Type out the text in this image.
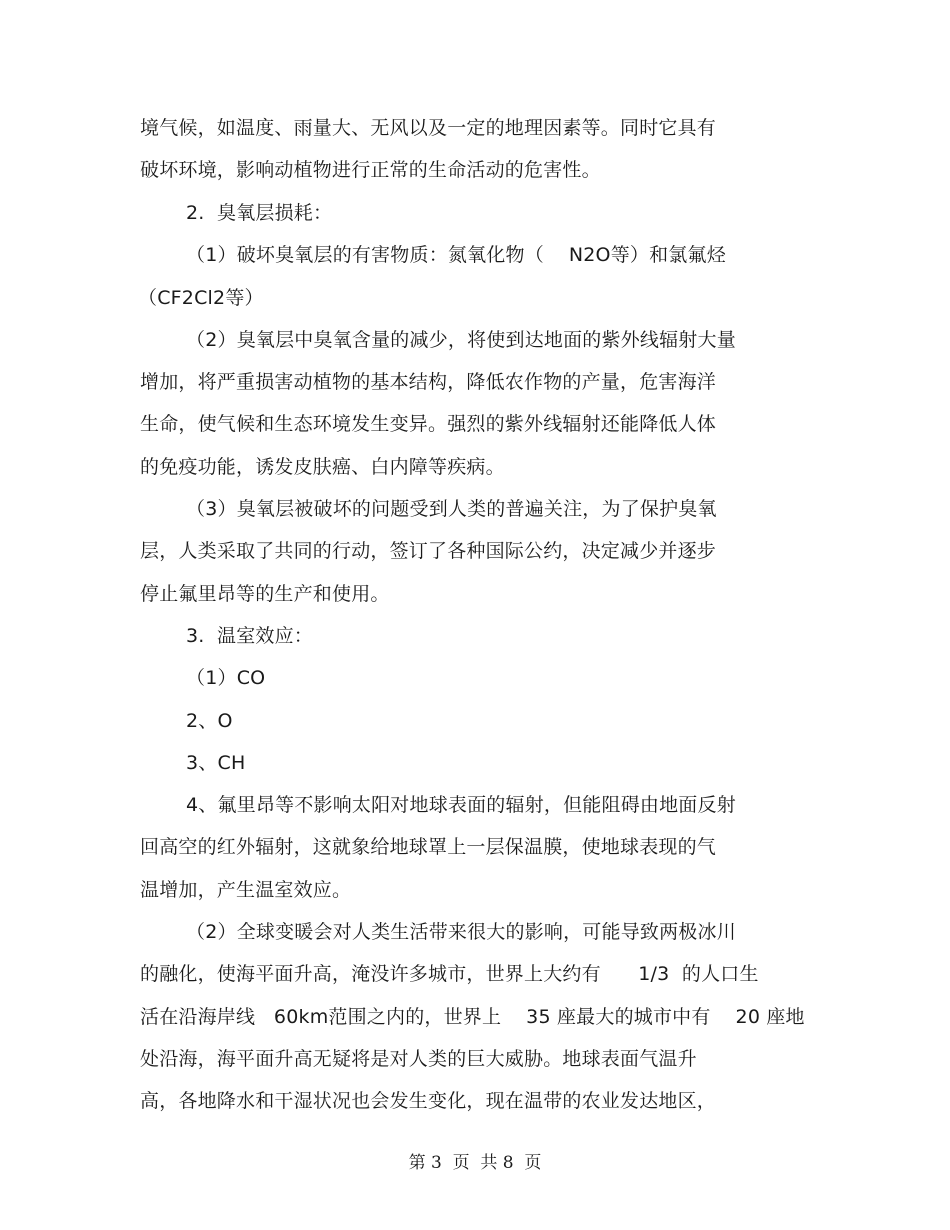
境气候，如温度、雨量大、无风以及一定的地理因素等。同时它具有
破坏环境，影响动植物进行正常的生命活动的危害性。
2.  臭氧层损耗：
（1）破坏臭氧层的有害物质：氮氧化物（    N2O等）和氯氟烃
（CF2Cl2等）
（2）臭氧层中臭氧含量的减少，将使到达地面的紫外线辐射大量
增加，将严重损害动植物的基本结构，降低农作物的产量，危害海洋
生命，使气候和生态环境发生变异。强烈的紫外线辐射还能降低人体
的免疫功能，诱发皮肤癌、白内障等疾病。
（3）臭氧层被破坏的问题受到人类的普遍关注，为了保护臭氧
层，人类采取了共同的行动，签订了各种国际公约，决定减少并逐步
停止氟里昂等的生产和使用。
3.  温室效应：
（1）CO
2、O
3、CH
4、氟里昂等不影响太阳对地球表面的辐射，但能阻碍由地面反射
回高空的红外辐射，这就象给地球罩上一层保温膜，使地球表现的气
温增加，产生温室效应。
（2）全球变暖会对人类生活带来很大的影响，可能导致两极冰川
的融化，使海平面升高，淹没许多城市，世界上大约有      1/3  的人口生
活在沿海岸线   60km范围之内的，世界上    35 座最大的城市中有    20 座地
处沿海，海平面升高无疑将是对人类的巨大威胁。地球表面气温升
高，各地降水和干湿状况也会发生变化，现在温带的农业发达地区，
第 3  页  共 8  页
